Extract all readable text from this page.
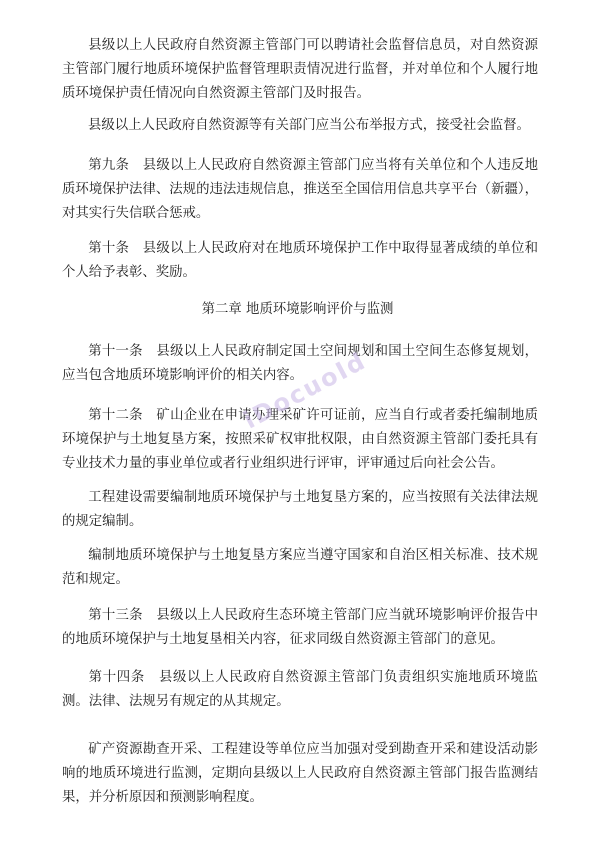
县级以上人民政府自然资源主管部门可以聘请社会监督信息员，对自然资源主管部门履行地质环境保护监督管理职责情况进行监督，并对单位和个人履行地质环境保护责任情况向自然资源主管部门及时报告。

县级以上人民政府自然资源等有关部门应当公布举报方式，接受社会监督。

第九条　县级以上人民政府自然资源主管部门应当将有关单位和个人违反地质环境保护法律、法规的违法违规信息，推送至全国信用信息共享平台（新疆），对其实行失信联合惩戒。

第十条　县级以上人民政府对在地质环境保护工作中取得显著成绩的单位和个人给予表彰、奖励。

第二章 地质环境影响评价与监测

第十一条　县级以上人民政府制定国土空间规划和国土空间生态修复规划，应当包含地质环境影响评价的相关内容。

第十二条　矿山企业在申请办理采矿许可证前，应当自行或者委托编制地质环境保护与土地复垦方案，按照采矿权审批权限，由自然资源主管部门委托具有专业技术力量的事业单位或者行业组织进行评审，评审通过后向社会公告。

工程建设需要编制地质环境保护与土地复垦方案的，应当按照有关法律法规的规定编制。

编制地质环境保护与土地复垦方案应当遵守国家和自治区相关标准、技术规范和规定。

第十三条　县级以上人民政府生态环境主管部门应当就环境影响评价报告中的地质环境保护与土地复垦相关内容，征求同级自然资源主管部门的意见。

第十四条　县级以上人民政府自然资源主管部门负责组织实施地质环境监测。法律、法规另有规定的从其规定。

矿产资源勘查开采、工程建设等单位应当加强对受到勘查开采和建设活动影响的地质环境进行监测，定期向县级以上人民政府自然资源主管部门报告监测结果，并分析原因和预测影响程度。

iDocuoId
